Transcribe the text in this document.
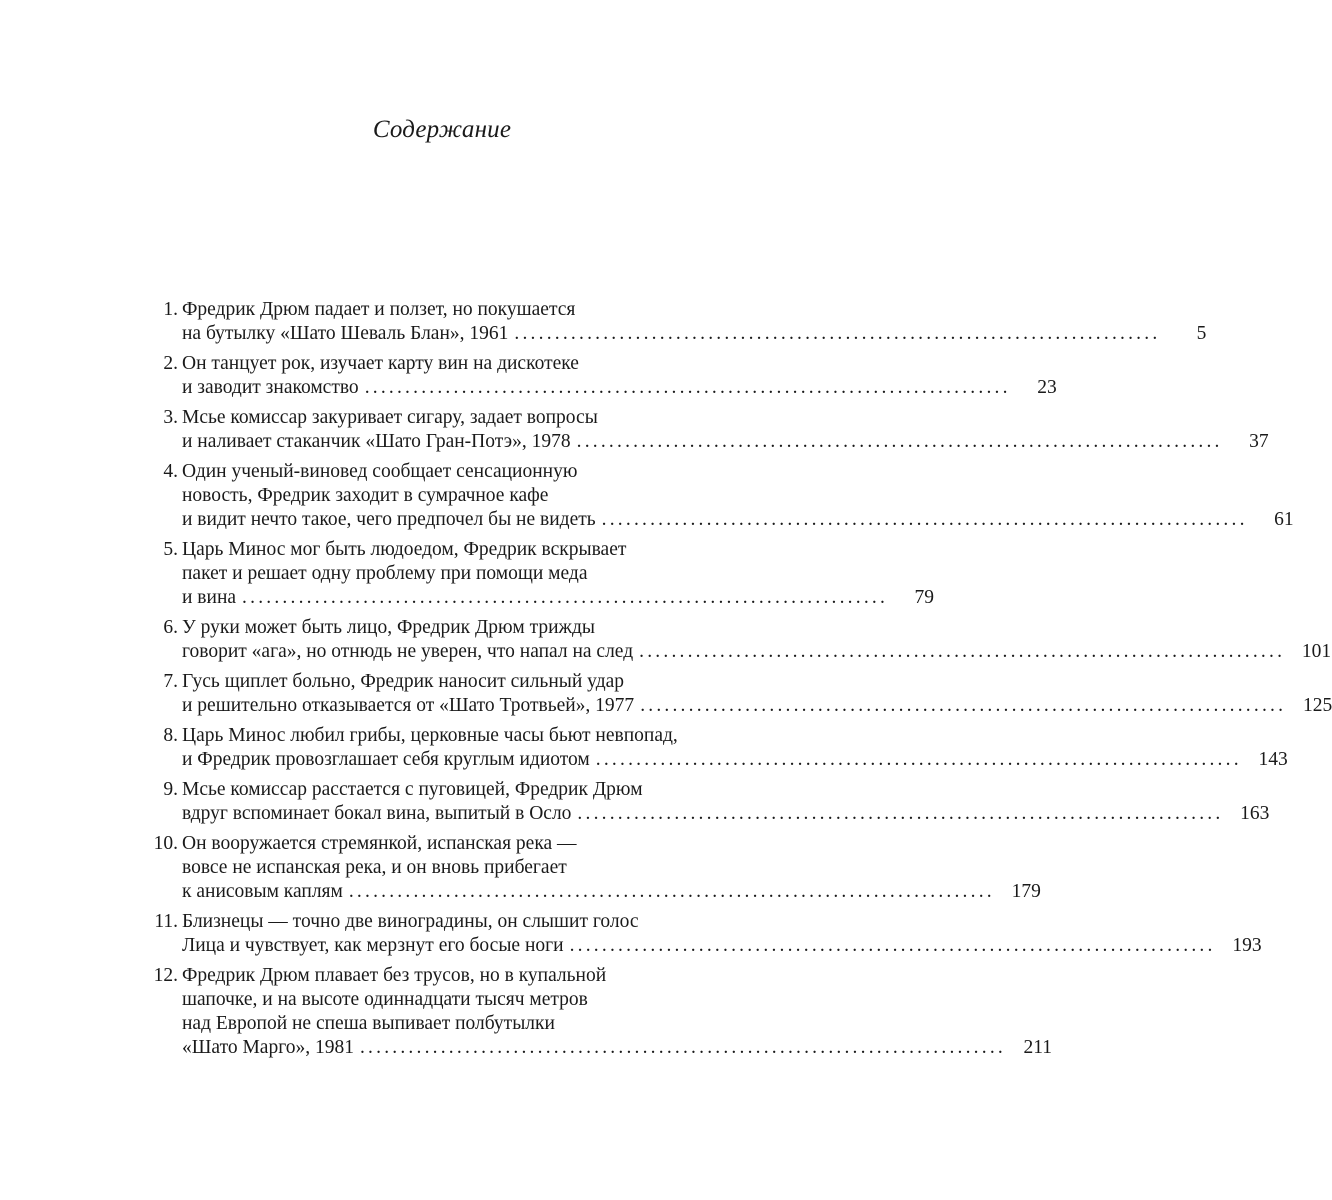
Содержание
1. Фредрик Дрюм падает и ползет, но покушается
на бутылку «Шато Шеваль Блан», 1961 ................................................................................	5
2. Он танцует рок, изучает карту вин на дискотеке
и заводит знакомство ................................................................................	23
3. Мсье комиссар закуривает сигару, задает вопросы
и наливает стаканчик «Шато Гран-Потэ», 1978 ................................................................................	37
4. Один ученый-виновед сообщает сенсационную
новость, Фредрик заходит в сумрачное кафе
и видит нечто такое, чего предпочел бы не видеть ................................................................................	61
5. Царь Минос мог быть людоедом, Фредрик вскрывает
пакет и решает одну проблему при помощи меда
и вина ................................................................................	79
6. У руки может быть лицо, Фредрик Дрюм трижды
говорит «ага», но отнюдь не уверен, что напал на след ................................................................................ 101
7. Гусь щиплет больно, Фредрик наносит сильный удар
и решительно отказывается от «Шато Тротвьей», 1977 ................................................................................ 125
8. Царь Минос любил грибы, церковные часы бьют невпопад,
и Фредрик провозглашает себя круглым идиотом ................................................................................ 143
9. Мсье комиссар расстается с пуговицей, Фредрик Дрюм
вдруг вспоминает бокал вина, выпитый в Осло ................................................................................ 163
10. Он вооружается стремянкой, испанская река —
вовсе не испанская река, и он вновь прибегает
к анисовым каплям ................................................................................ 179
11. Близнецы — точно две виноградины, он слышит голос
Лица и чувствует, как мерзнут его босые ноги ................................................................................ 193
12. Фредрик Дрюм плавает без трусов, но в купальной
шапочке, и на высоте одиннадцати тысяч метров
над Европой не спеша выпивает полбутылки
«Шато Марго», 1981 ................................................................................ 211
